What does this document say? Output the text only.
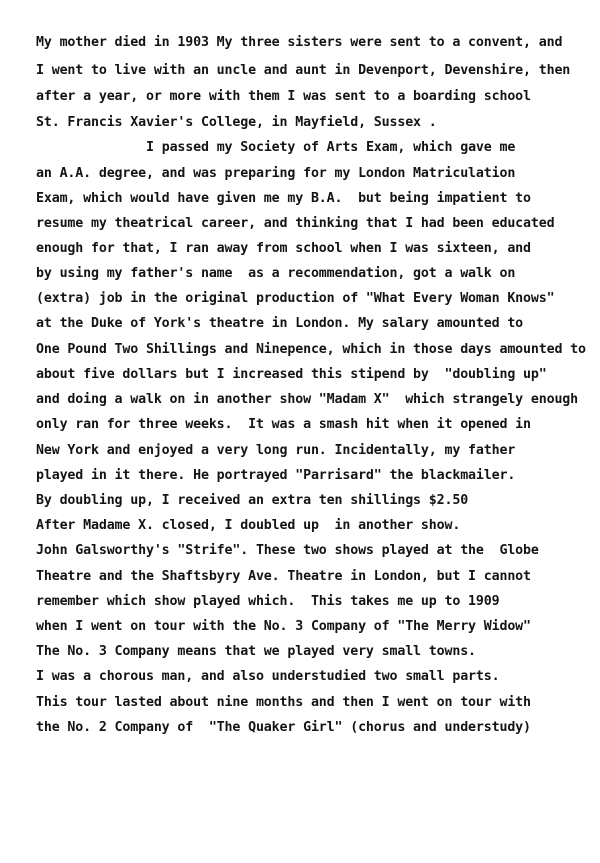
My mother died in 1903 My three sisters were sent to a convent, and
I went to live with an uncle and aunt in Devenport, Devenshire, then
after a year, or more with them I was sent to a boarding school
St. Francis Xavier's College, in Mayfield, Sussex .
I passed my Society of Arts Exam, which gave me
an A.A. degree, and was preparing for my London Matriculation
Exam, which would have given me my B.A.  but being impatient to
resume my theatrical career, and thinking that I had been educated
enough for that, I ran away from school when I was sixteen, and
by using my father's name  as a recommendation, got a walk on
(extra) job in the original production of "What Every Woman Knows"
at the Duke of York's theatre in London. My salary amounted to
One Pound Two Shillings and Ninepence, which in those days amounted to
about five dollars but I increased this stipend by  "doubling up"
and doing a walk on in another show "Madam X"  which strangely enough
only ran for three weeks.  It was a smash hit when it opened in
New York and enjoyed a very long run. Incidentally, my father
played in it there. He portrayed "Parrisard" the blackmailer.
By doubling up, I received an extra ten shillings $2.50
After Madame X. closed, I doubled up  in another show.
John Galsworthy's "Strife". These two shows played at the  Globe
Theatre and the Shaftsbyry Ave. Theatre in London, but I cannot
remember which show played which.  This takes me up to 1909
when I went on tour with the No. 3 Company of "The Merry Widow"
The No. 3 Company means that we played very small towns.
I was a chorous man, and also understudied two small parts.
This tour lasted about nine months and then I went on tour with
the No. 2 Company of  "The Quaker Girl" (chorus and understudy)
